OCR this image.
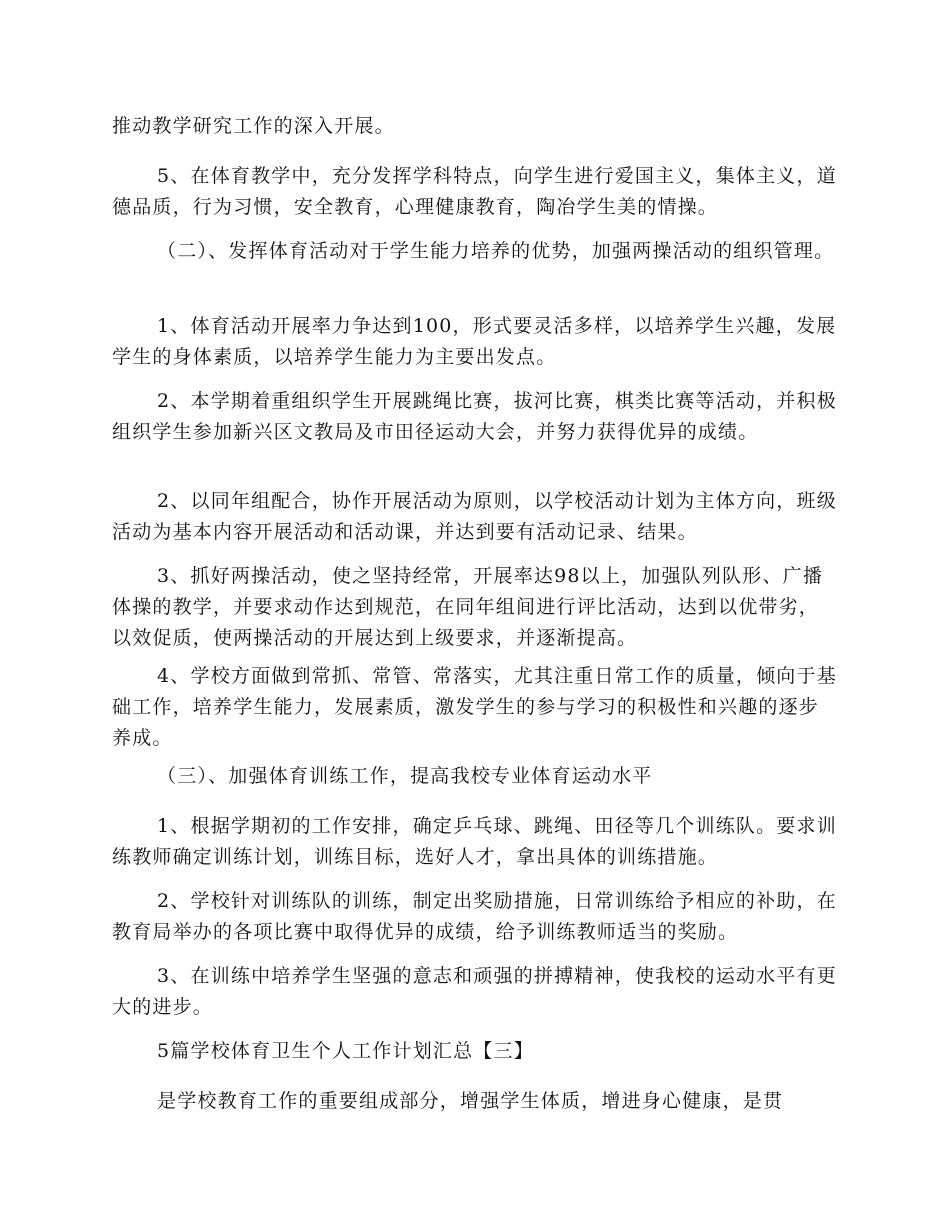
推动教学研究工作的深入开展。

5、在体育教学中，充分发挥学科特点，向学生进行爱国主义，集体主义，道德品质，行为习惯，安全教育，心理健康教育，陶冶学生美的情操。

（二）、发挥体育活动对于学生能力培养的优势，加强两操活动的组织管理。

1、体育活动开展率力争达到100，形式要灵活多样，以培养学生兴趣，发展学生的身体素质，以培养学生能力为主要出发点。

2、本学期着重组织学生开展跳绳比赛，拔河比赛，棋类比赛等活动，并积极组织学生参加新兴区文教局及市田径运动大会，并努力获得优异的成绩。

2、以同年组配合，协作开展活动为原则，以学校活动计划为主体方向，班级活动为基本内容开展活动和活动课，并达到要有活动记录、结果。

3、抓好两操活动，使之坚持经常，开展率达98以上，加强队列队形、广播体操的教学，并要求动作达到规范，在同年组间进行评比活动，达到以优带劣，以效促质，使两操活动的开展达到上级要求，并逐渐提高。

4、学校方面做到常抓、常管、常落实，尤其注重日常工作的质量，倾向于基础工作，培养学生能力，发展素质，激发学生的参与学习的积极性和兴趣的逐步养成。

（三）、加强体育训练工作，提高我校专业体育运动水平

1、根据学期初的工作安排，确定乒乓球、跳绳、田径等几个训练队。要求训练教师确定训练计划，训练目标，选好人才，拿出具体的训练措施。

2、学校针对训练队的训练，制定出奖励措施，日常训练给予相应的补助，在教育局举办的各项比赛中取得优异的成绩，给予训练教师适当的奖励。

3、在训练中培养学生坚强的意志和顽强的拼搏精神，使我校的运动水平有更大的进步。

5篇学校体育卫生个人工作计划汇总【三】

是学校教育工作的重要组成部分，增强学生体质，增进身心健康，是贯
